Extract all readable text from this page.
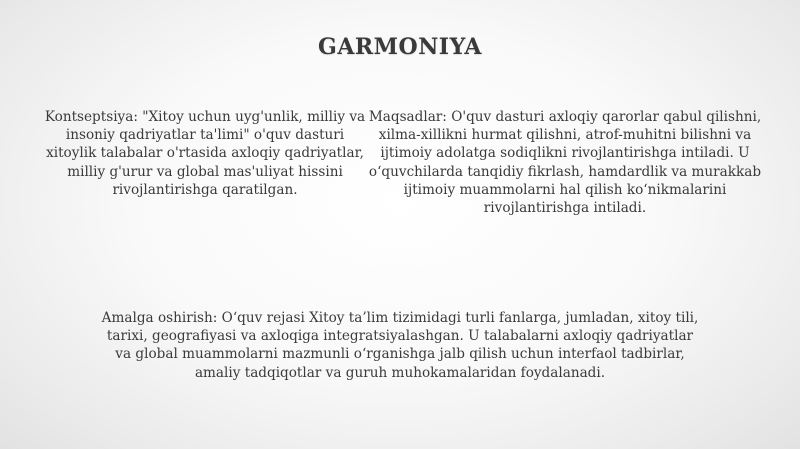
GARMONIYA

Kontseptsiya: "Xitoy uchun uyg'unlik, milliy va insoniy qadriyatlar ta'limi" o'quv dasturi xitoylik talabalar o'rtasida axloqiy qadriyatlar, milliy g'urur va global mas'uliyat hissini rivojlantirishga qaratilgan.

Maqsadlar: O'quv dasturi axloqiy qarorlar qabul qilishni, xilma-xillikni hurmat qilishni, atrof-muhitni bilishni va ijtimoiy adolatga sodiqlikni rivojlantirishga intiladi. U o‘quvchilarda tanqidiy fikrlash, hamdardlik va murakkab ijtimoiy muammolarni hal qilish ko‘nikmalarini rivojlantirishga intiladi.

Amalga oshirish: O‘quv rejasi Xitoy ta’lim tizimidagi turli fanlarga, jumladan, xitoy tili, tarixi, geografiyasi va axloqiga integratsiyalashgan. U talabalarni axloqiy qadriyatlar va global muammolarni mazmunli o‘rganishga jalb qilish uchun interfaol tadbirlar, amaliy tadqiqotlar va guruh muhokamalaridan foydalanadi.
